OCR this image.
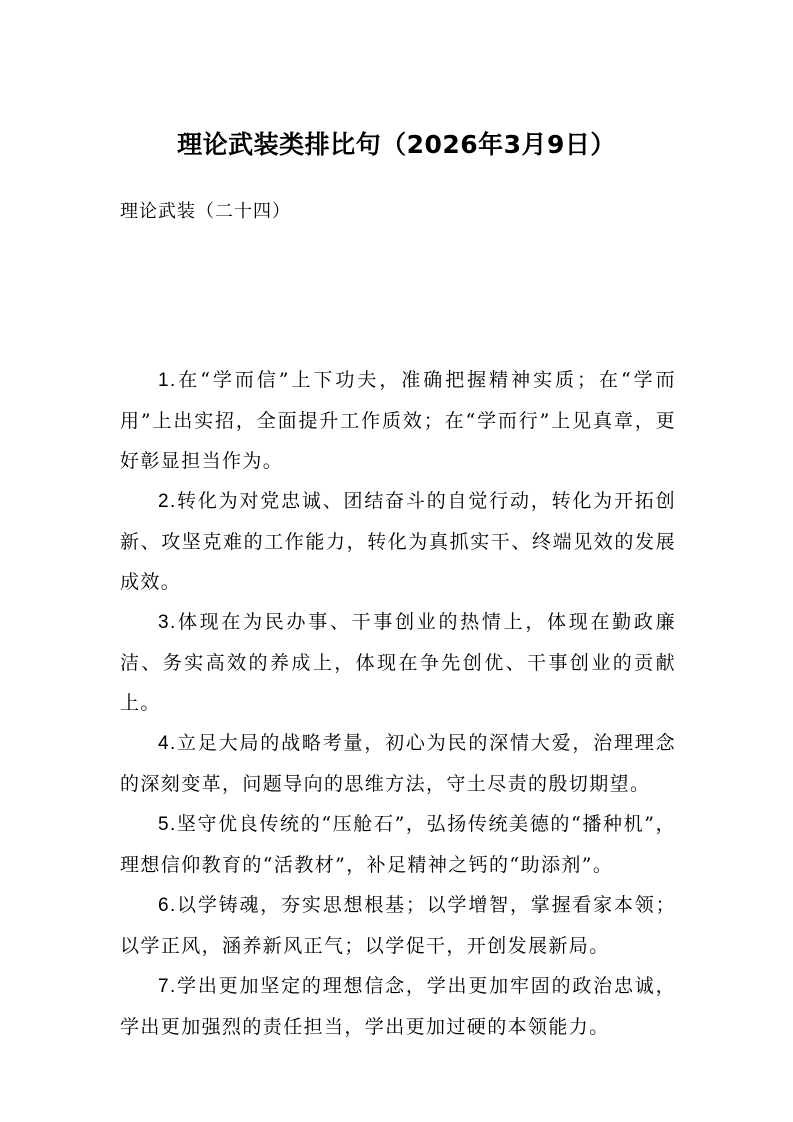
理论武装类排比句（2026年3月9日）
理论武装（二十四）

1.在“学而信”上下功夫，准确把握精神实质；在“学而用”上出实招，全面提升工作质效；在“学而行”上见真章，更好彰显担当作为。

2.转化为对党忠诚、团结奋斗的自觉行动，转化为开拓创新、攻坚克难的工作能力，转化为真抓实干、终端见效的发展成效。

3.体现在为民办事、干事创业的热情上，体现在勤政廉洁、务实高效的养成上，体现在争先创优、干事创业的贡献上。

4.立足大局的战略考量，初心为民的深情大爱，治理理念的深刻变革，问题导向的思维方法，守土尽责的殷切期望。

5.坚守优良传统的“压舱石”，弘扬传统美德的“播种机”，理想信仰教育的“活教材”，补足精神之钙的“助添剂”。

6.以学铸魂，夯实思想根基；以学增智，掌握看家本领；以学正风，涵养新风正气；以学促干，开创发展新局。

7.学出更加坚定的理想信念，学出更加牢固的政治忠诚，学出更加强烈的责任担当，学出更加过硬的本领能力。
